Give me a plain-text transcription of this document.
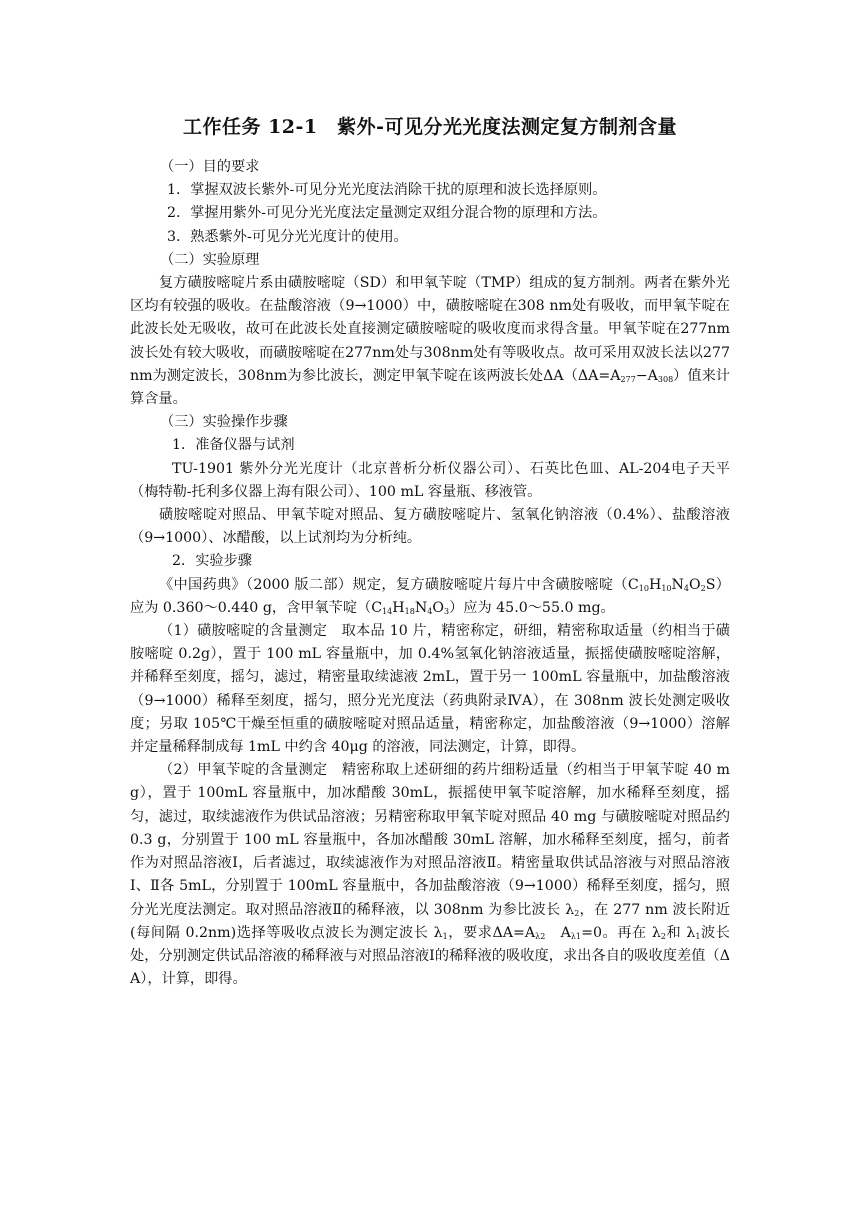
工作任务 12-1　紫外-可见分光光度法测定复方制剂含量

（一）目的要求

1．掌握双波长紫外-可见分光光度法消除干扰的原理和波长选择原则。

2．掌握用紫外-可见分光光度法定量测定双组分混合物的原理和方法。

3．熟悉紫外-可见分光光度计的使用。

（二）实验原理

复方磺胺嘧啶片系由磺胺嘧啶（SD）和甲氧苄啶（TMP）组成的复方制剂。两者在紫外光区均有较强的吸收。在盐酸溶液（9→1000）中，磺胺嘧啶在308 nm处有吸收，而甲氧苄啶在此波长处无吸收，故可在此波长处直接测定磺胺嘧啶的吸收度而求得含量。甲氧苄啶在277nm波长处有较大吸收，而磺胺嘧啶在277nm处与308nm处有等吸收点。故可采用双波长法以277nm为测定波长，308nm为参比波长，测定甲氧苄啶在该两波长处$\Delta A(\Delta A=A_{277}-A_{308})$值来计算含量。

（三）实验操作步骤

1．准备仪器与试剂

TU-1901 紫外分光光度计（北京普析分析仪器公司）、石英比色皿、AL-204电子天平（梅特勒-托利多仪器上海有限公司）、100 mL 容量瓶、移液管。

磺胺嘧啶对照品、甲氧苄啶对照品、复方磺胺嘧啶片、氢氧化钠溶液（0.4%）、盐酸溶液（9→1000）、冰醋酸，以上试剂均为分析纯。

2．实验步骤

《中国药典》（2000 版二部）规定，复方磺胺嘧啶片每片中含磺胺嘧啶$(C_{10}H_{10}N_4O_2S)$应为 0.360～0.440 g，含甲氧苄啶$(C_{14}H_{18}N_4O_3)$应为 45.0～55.0 mg。

（1）磺胺嘧啶的含量测定　取本品 10 片，精密称定，研细，精密称取适量（约相当于磺胺嘧啶 0.2g），置于 100 mL 容量瓶中，加 0.4%氢氧化钠溶液适量，振摇使磺胺嘧啶溶解，并稀释至刻度，摇匀，滤过，精密量取续滤液 2mL，置于另一 100mL 容量瓶中，加盐酸溶液（9→1000）稀释至刻度，摇匀，照分光光度法（药典附录ⅣA），在 308nm 波长处测定吸收度；另取 105℃干燥至恒重的磺胺嘧啶对照品适量，精密称定，加盐酸溶液（9→1000）溶解并定量稀释制成每 1mL 中约含 40μg 的溶液，同法测定，计算，即得。

（2）甲氧苄啶的含量测定　精密称取上述研细的药片细粉适量（约相当于甲氧苄啶 40 mg），置于 100mL 容量瓶中，加冰醋酸 30mL，振摇使甲氧苄啶溶解，加水稀释至刻度，摇匀，滤过，取续滤液作为供试品溶液；另精密称取甲氧苄啶对照品 40 mg 与磺胺嘧啶对照品约 0.3 g，分别置于 100 mL 容量瓶中，各加冰醋酸 30mL 溶解，加水稀释至刻度，摇匀，前者作为对照品溶液Ⅰ，后者滤过，取续滤液作为对照品溶液Ⅱ。精密量取供试品溶液与对照品溶液Ⅰ、Ⅱ各 5mL，分别置于 100mL 容量瓶中，各加盐酸溶液（9→1000）稀释至刻度，摇匀，照分光光度法测定。取对照品溶液Ⅱ的稀释液，以 308nm 为参比波长 $\lambda_2$，在 277 nm 波长附近(每间隔 0.2nm)选择等吸收点波长为测定波长 $\lambda_1$，要求$\Delta A=A_{\lambda 2}$　$A_{\lambda 1}=0$。再在 $\lambda_2$和 $\lambda_1$波长处，分别测定供试品溶液的稀释液与对照品溶液Ⅰ的稀释液的吸收度，求出各自的吸收度差值（ΔA），计算，即得。
